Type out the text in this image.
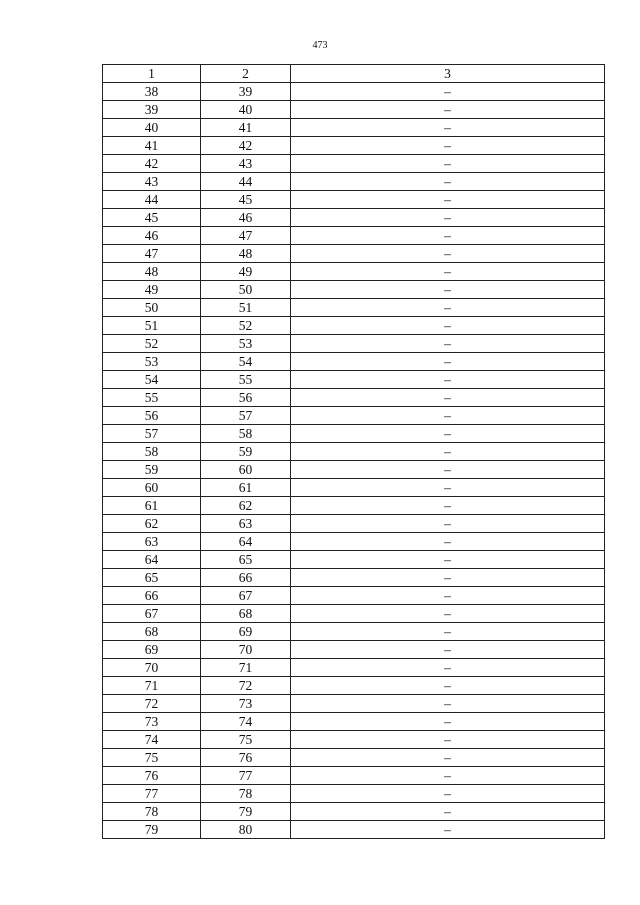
473
1	2	3
38	39	–
39	40	–
40	41	–
41	42	–
42	43	–
43	44	–
44	45	–
45	46	–
46	47	–
47	48	–
48	49	–
49	50	–
50	51	–
51	52	–
52	53	–
53	54	–
54	55	–
55	56	–
56	57	–
57	58	–
58	59	–
59	60	–
60	61	–
61	62	–
62	63	–
63	64	–
64	65	–
65	66	–
66	67	–
67	68	–
68	69	–
69	70	–
70	71	–
71	72	–
72	73	–
73	74	–
74	75	–
75	76	–
76	77	–
77	78	–
78	79	–
79	80	–
